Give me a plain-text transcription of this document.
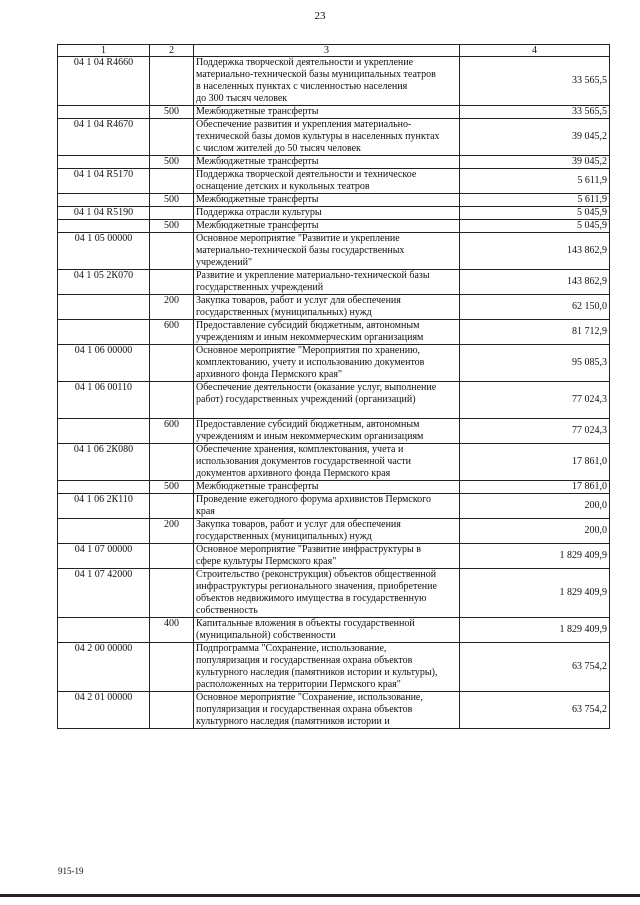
23
1	2	3	4
04 1 04 R4660		Поддержка творческой деятельности и укрепление
материально-технической базы муниципальных театров
в населенных пунктах с численностью населения
до 300 тысяч человек	33 565,5
	500	Межбюджетные трансферты	33 565,5
04 1 04 R4670		Обеспечение развития и укрепления материально-
технической базы домов культуры в населенных пунктах
с числом жителей до 50 тысяч человек	39 045,2
	500	Межбюджетные трансферты	39 045,2
04 1 04 R5170		Поддержка творческой деятельности и техническое
оснащение детских и кукольных театров	5 611,9
	500	Межбюджетные трансферты	5 611,9
04 1 04 R5190		Поддержка отрасли культуры	5 045,9
	500	Межбюджетные трансферты	5 045,9
04 1 05 00000		Основное мероприятие "Развитие и укрепление
материально-технической базы государственных
учреждений"	143 862,9
04 1 05 2К070		Развитие и укрепление материально-технической базы
государственных учреждений	143 862,9
	200	Закупка товаров, работ и услуг для обеспечения
государственных (муниципальных) нужд	62 150,0
	600	Предоставление субсидий бюджетным, автономным
учреждениям и иным некоммерческим организациям	81 712,9
04 1 06 00000		Основное мероприятие "Мероприятия по хранению,
комплектованию, учету и использованию документов
архивного фонда Пермского края"	95 085,3
04 1 06 00110		Обеспечение деятельности (оказание услуг, выполнение
работ) государственных учреждений (организаций)	77 024,3
	600	Предоставление субсидий бюджетным, автономным
учреждениям и иным некоммерческим организациям	77 024,3
04 1 06 2К080		Обеспечение хранения, комплектования, учета и
использования документов государственной части
документов архивного фонда Пермского края	17 861,0
	500	Межбюджетные трансферты	17 861,0
04 1 06 2К110		Проведение ежегодного форума архивистов Пермского
края	200,0
	200	Закупка товаров, работ и услуг для обеспечения
государственных (муниципальных) нужд	200,0
04 1 07 00000		Основное мероприятие "Развитие инфраструктуры в
сфере культуры Пермского края"	1 829 409,9
04 1 07 42000		Строительство (реконструкция) объектов общественной
инфраструктуры регионального значения, приобретение
объектов недвижимого имущества в государственную
собственность	1 829 409,9
	400	Капитальные вложения в объекты государственной
(муниципальной) собственности	1 829 409,9
04 2 00 00000		Подпрограмма "Сохранение, использование,
популяризация и государственная охрана объектов
культурного наследия (памятников истории и культуры),
расположенных на территории Пермского края"	63 754,2
04 2 01 00000		Основное мероприятие "Сохранение, использование,
популяризация и государственная охрана объектов
культурного наследия (памятников истории и	63 754,2
915-19
